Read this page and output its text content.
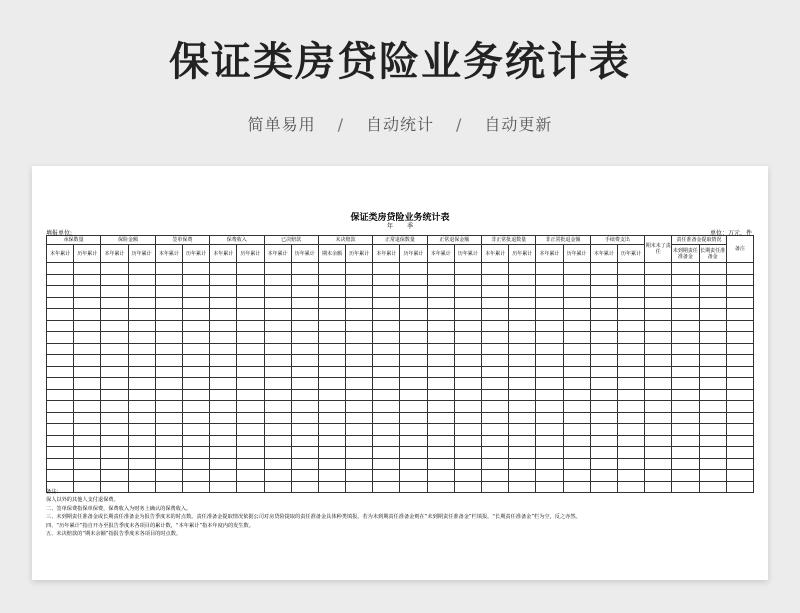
保证类房贷险业务统计表
简单易用 / 自动统计 / 自动更新
保证类房贷险业务统计表
年 季
填报单位:	单位：万元，件
承保数量		保险金额		签单保费		保费收入		已决赔款		未决赔款		正常退保数量		正常退保金额		非正常批退数量		非正常批退金额		手续费支出		期末未了责任	责任准备金提取情况		备注
本年累计	历年累计	本年累计	历年累计	本年累计	历年累计	本年累计	历年累计	本年累计	历年累计	期末余额	历年累计	本年累计	历年累计	本年累计	历年累计	本年累计	历年累计	本年累计	历年累计	本年累计	历年累计		未到期责任准备金	长期责任准备金	

备注:
保人以外的其他人支付退保费。
二、签单保费指保单保费，保费收入为财务上确认的保费收入。
三、未到期责任准备金或长期责任准备金为报告季度末的时点数。责任准备金提取情况依据公司对房贷险提取的责任准备金具体种类填报，若为未到期责任准备金则在“未到期责任准备金”栏填报，“长期责任准备金”栏为空，反之亦然。
四、“历年累计”指自开办至报告季度末各项目的累计数，“本年累计”指本年度内的发生数。
五、未决赔款的“期末余额”指报告季度末各项目的时点数。
